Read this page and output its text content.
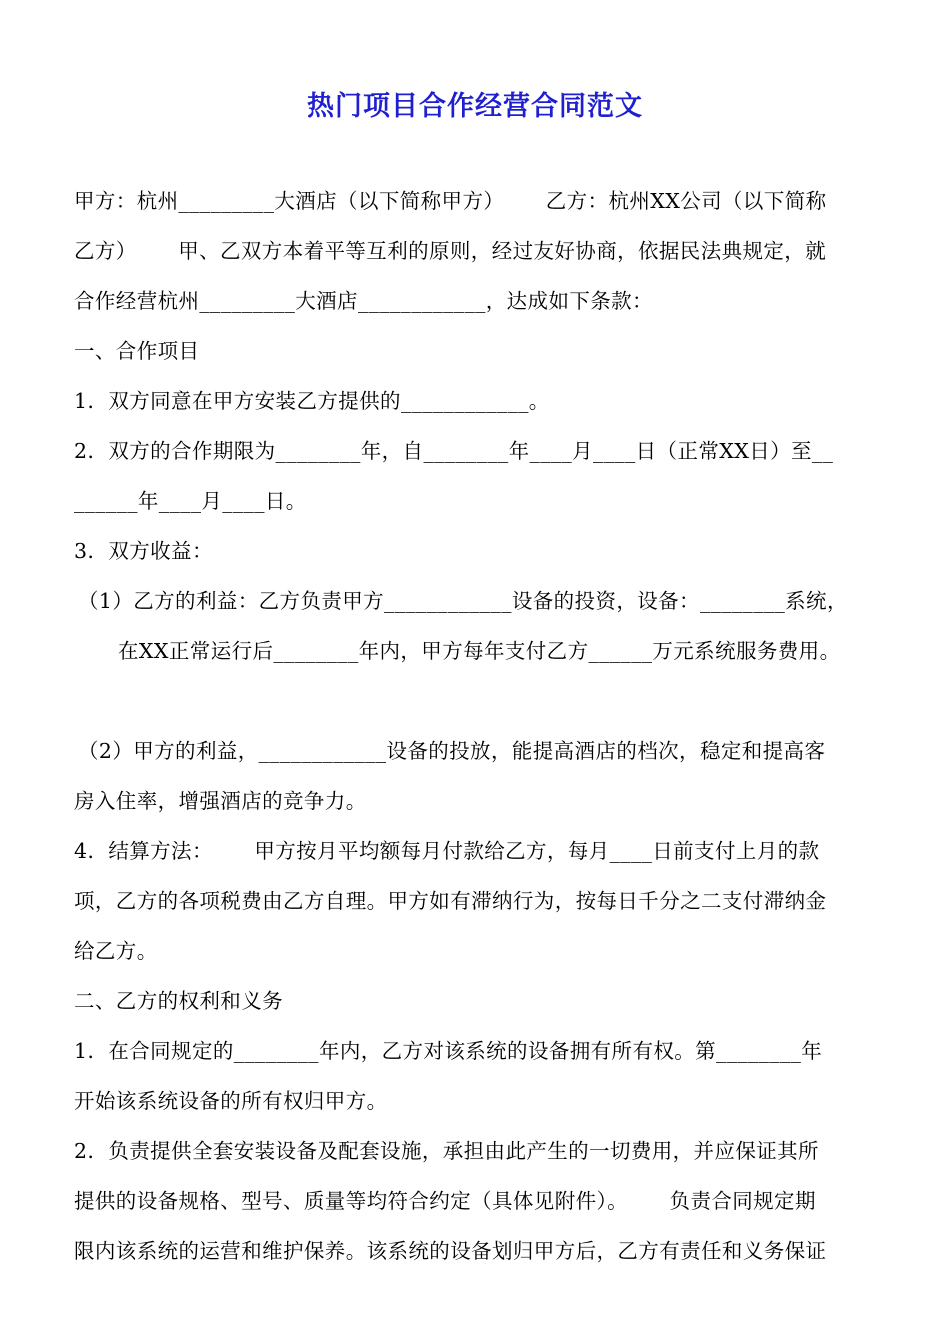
热门项目合作经营合同范文
甲方：杭州_________大酒店（以下简称甲方）      乙方：杭州XX公司（以下简称
乙方）      甲、乙双方本着平等互利的原则，经过友好协商，依据民法典规定，就
合作经营杭州_________大酒店____________，达成如下条款：
一、合作项目
1．双方同意在甲方安装乙方提供的____________。
2．双方的合作期限为________年，自________年____月____日（正常XX日）至__
______年____月____日。
3．双方收益：
（1）乙方的利益：乙方负责甲方____________设备的投资，设备：________系统，
在XX正常运行后________年内，甲方每年支付乙方______万元系统服务费用。
（2）甲方的利益，____________设备的投放，能提高酒店的档次，稳定和提高客
房入住率，增强酒店的竞争力。
4．结算方法：      甲方按月平均额每月付款给乙方，每月____日前支付上月的款
项，乙方的各项税费由乙方自理。甲方如有滞纳行为，按每日千分之二支付滞纳金
给乙方。
二、乙方的权利和义务
1．在合同规定的________年内，乙方对该系统的设备拥有所有权。第________年
开始该系统设备的所有权归甲方。
2．负责提供全套安装设备及配套设施，承担由此产生的一切费用，并应保证其所
提供的设备规格、型号、质量等均符合约定（具体见附件）。      负责合同规定期
限内该系统的运营和维护保养。该系统的设备划归甲方后，乙方有责任和义务保证
